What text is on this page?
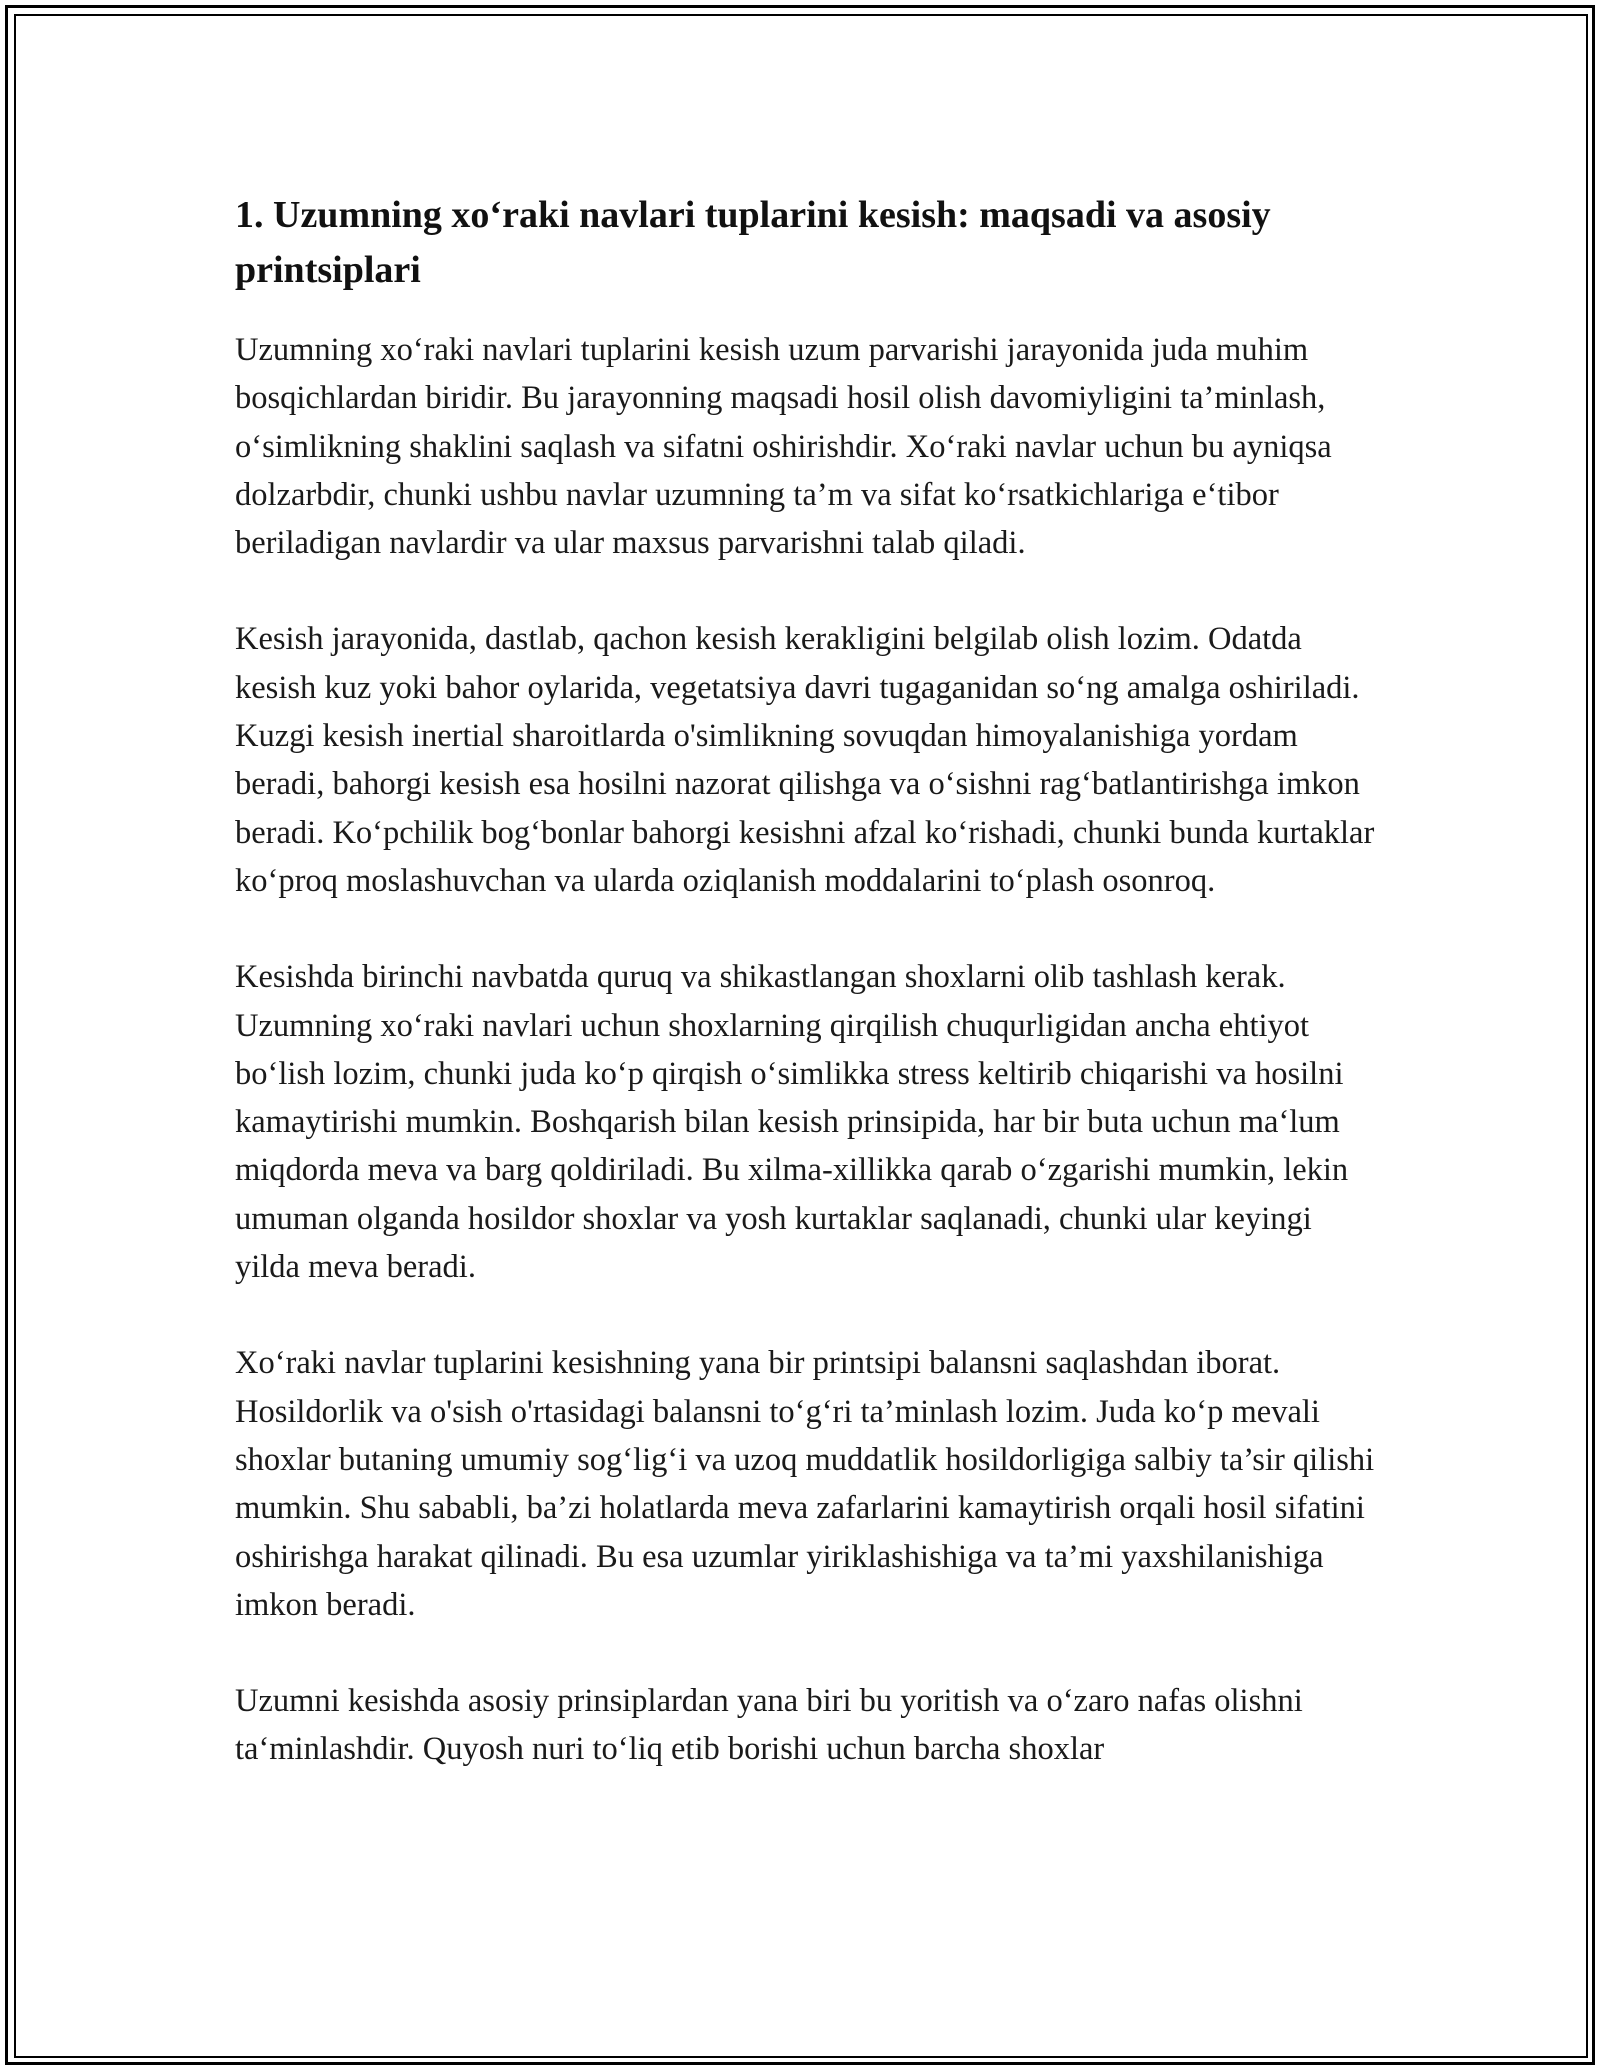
1. Uzumning xo‘raki navlari tuplarini kesish: maqsadi va asosiy printsiplari

Uzumning xo‘raki navlari tuplarini kesish uzum parvarishi jarayonida juda muhim bosqichlardan biridir. Bu jarayonning maqsadi hosil olish davomiyligini ta’minlash, o‘simlikning shaklini saqlash va sifatni oshirishdir. Xo‘raki navlar uchun bu ayniqsa dolzarbdir, chunki ushbu navlar uzumning ta’m va sifat ko‘rsatkichlariga e‘tibor beriladigan navlardir va ular maxsus parvarishni talab qiladi.

Kesish jarayonida, dastlab, qachon kesish kerakligini belgilab olish lozim. Odatda kesish kuz yoki bahor oylarida, vegetatsiya davri tugaganidan so‘ng amalga oshiriladi. Kuzgi kesish inertial sharoitlarda o'simlikning sovuqdan himoyalanishiga yordam beradi, bahorgi kesish esa hosilni nazorat qilishga va o‘sishni rag‘batlantirishga imkon beradi. Ko‘pchilik bog‘bonlar bahorgi kesishni afzal ko‘rishadi, chunki bunda kurtaklar ko‘proq moslashuvchan va ularda oziqlanish moddalarini to‘plash osonroq.

Kesishda birinchi navbatda quruq va shikastlangan shoxlarni olib tashlash kerak. Uzumning xo‘raki navlari uchun shoxlarning qirqilish chuqurligidan ancha ehtiyot bo‘lish lozim, chunki juda ko‘p qirqish o‘simlikka stress keltirib chiqarishi va hosilni kamaytirishi mumkin. Boshqarish bilan kesish prinsipida, har bir buta uchun ma‘lum miqdorda meva va barg qoldiriladi. Bu xilma-xillikka qarab o‘zgarishi mumkin, lekin umuman olganda hosildor shoxlar va yosh kurtaklar saqlanadi, chunki ular keyingi yilda meva beradi.

Xo‘raki navlar tuplarini kesishning yana bir printsipi balansni saqlashdan iborat. Hosildorlik va o'sish o'rtasidagi balansni to‘g‘ri ta’minlash lozim. Juda ko‘p mevali shoxlar butaning umumiy sog‘lig‘i va uzoq muddatlik hosildorligiga salbiy ta’sir qilishi mumkin. Shu sababli, ba’zi holatlarda meva zafarlarini kamaytirish orqali hosil sifatini oshirishga harakat qilinadi. Bu esa uzumlar yiriklashishiga va ta’mi yaxshilanishiga imkon beradi.

Uzumni kesishda asosiy prinsiplardan yana biri bu yoritish va o‘zaro nafas olishni ta‘minlashdir. Quyosh nuri to‘liq etib borishi uchun barcha shoxlar
